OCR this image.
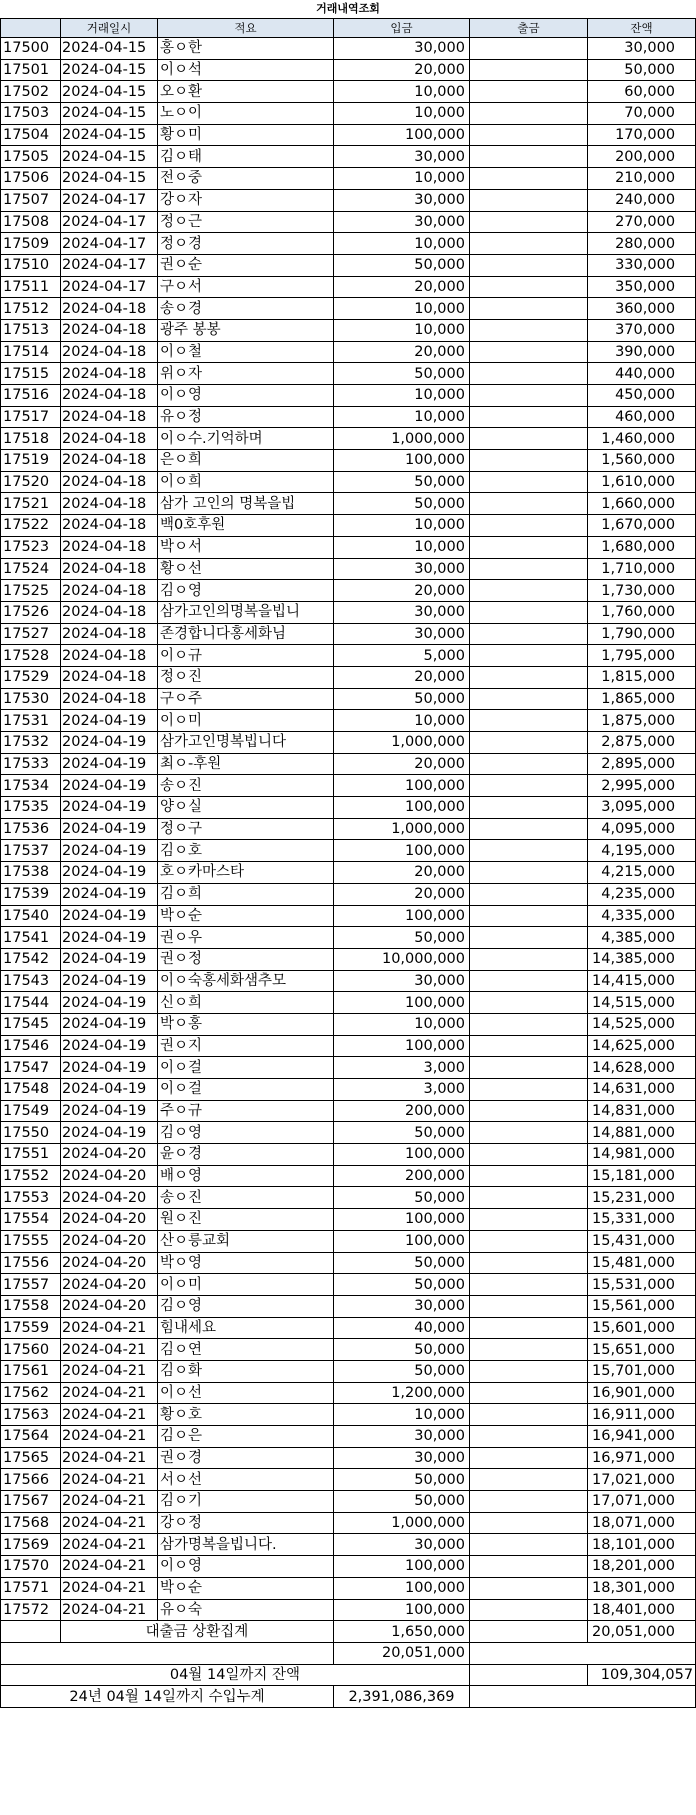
거래내역조회					
	거래일시	적요	입금	출금	잔액
17500	2024-04-15	홍ㅇ한	30,000		30,000
17501	2024-04-15	이ㅇ석	20,000		50,000
17502	2024-04-15	오ㅇ환	10,000		60,000
17503	2024-04-15	노ㅇ이	10,000		70,000
17504	2024-04-15	황ㅇ미	100,000		170,000
17505	2024-04-15	김ㅇ태	30,000		200,000
17506	2024-04-15	전ㅇ중	10,000		210,000
17507	2024-04-17	강ㅇ자	30,000		240,000
17508	2024-04-17	정ㅇ근	30,000		270,000
17509	2024-04-17	정ㅇ경	10,000		280,000
17510	2024-04-17	권ㅇ순	50,000		330,000
17511	2024-04-17	구ㅇ서	20,000		350,000
17512	2024-04-18	송ㅇ경	10,000		360,000
17513	2024-04-18	광주 봉봉	10,000		370,000
17514	2024-04-18	이ㅇ철	20,000		390,000
17515	2024-04-18	위ㅇ자	50,000		440,000
17516	2024-04-18	이ㅇ영	10,000		450,000
17517	2024-04-18	유ㅇ정	10,000		460,000
17518	2024-04-18	이ㅇ수.기억하며	1,000,000		1,460,000
17519	2024-04-18	은ㅇ희	100,000		1,560,000
17520	2024-04-18	이ㅇ희	50,000		1,610,000
17521	2024-04-18	삼가 고인의 명복을빕	50,000		1,660,000
17522	2024-04-18	백0호후원	10,000		1,670,000
17523	2024-04-18	박ㅇ서	10,000		1,680,000
17524	2024-04-18	황ㅇ선	30,000		1,710,000
17525	2024-04-18	김ㅇ영	20,000		1,730,000
17526	2024-04-18	삼가고인의명복을빕니	30,000		1,760,000
17527	2024-04-18	존경합니다홍세화님	30,000		1,790,000
17528	2024-04-18	이ㅇ규	5,000		1,795,000
17529	2024-04-18	정ㅇ진	20,000		1,815,000
17530	2024-04-18	구ㅇ주	50,000		1,865,000
17531	2024-04-19	이ㅇ미	10,000		1,875,000
17532	2024-04-19	삼가고인명복빕니다	1,000,000		2,875,000
17533	2024-04-19	최ㅇ-후원	20,000		2,895,000
17534	2024-04-19	송ㅇ진	100,000		2,995,000
17535	2024-04-19	양ㅇ실	100,000		3,095,000
17536	2024-04-19	정ㅇ구	1,000,000		4,095,000
17537	2024-04-19	김ㅇ호	100,000		4,195,000
17538	2024-04-19	호ㅇ카마스타	20,000		4,215,000
17539	2024-04-19	김ㅇ희	20,000		4,235,000
17540	2024-04-19	박ㅇ순	100,000		4,335,000
17541	2024-04-19	권ㅇ우	50,000		4,385,000
17542	2024-04-19	권ㅇ정	10,000,000		14,385,000
17543	2024-04-19	이ㅇ숙홍세화샘추모	30,000		14,415,000
17544	2024-04-19	신ㅇ희	100,000		14,515,000
17545	2024-04-19	박ㅇ홍	10,000		14,525,000
17546	2024-04-19	권ㅇ지	100,000		14,625,000
17547	2024-04-19	이ㅇ걸	3,000		14,628,000
17548	2024-04-19	이ㅇ걸	3,000		14,631,000
17549	2024-04-19	주ㅇ규	200,000		14,831,000
17550	2024-04-19	김ㅇ영	50,000		14,881,000
17551	2024-04-20	윤ㅇ경	100,000		14,981,000
17552	2024-04-20	배ㅇ영	200,000		15,181,000
17553	2024-04-20	송ㅇ진	50,000		15,231,000
17554	2024-04-20	원ㅇ진	100,000		15,331,000
17555	2024-04-20	산ㅇ릉교회	100,000		15,431,000
17556	2024-04-20	박ㅇ영	50,000		15,481,000
17557	2024-04-20	이ㅇ미	50,000		15,531,000
17558	2024-04-20	김ㅇ영	30,000		15,561,000
17559	2024-04-21	힘내세요	40,000		15,601,000
17560	2024-04-21	김ㅇ연	50,000		15,651,000
17561	2024-04-21	김ㅇ화	50,000		15,701,000
17562	2024-04-21	이ㅇ선	1,200,000		16,901,000
17563	2024-04-21	황ㅇ호	10,000		16,911,000
17564	2024-04-21	김ㅇ은	30,000		16,941,000
17565	2024-04-21	권ㅇ경	30,000		16,971,000
17566	2024-04-21	서ㅇ선	50,000		17,021,000
17567	2024-04-21	김ㅇ기	50,000		17,071,000
17568	2024-04-21	강ㅇ정	1,000,000		18,071,000
17569	2024-04-21	삼가명복을빕니다.	30,000		18,101,000
17570	2024-04-21	이ㅇ영	100,000		18,201,000
17571	2024-04-21	박ㅇ순	100,000		18,301,000
17572	2024-04-21	유ㅇ숙	100,000		18,401,000
	대출금 상환집계		1,650,000		20,051,000
			20,051,000		
04월 14일까지 잔액					109,304,057
24년 04월 14일까지 수입누계			2,391,086,369		
